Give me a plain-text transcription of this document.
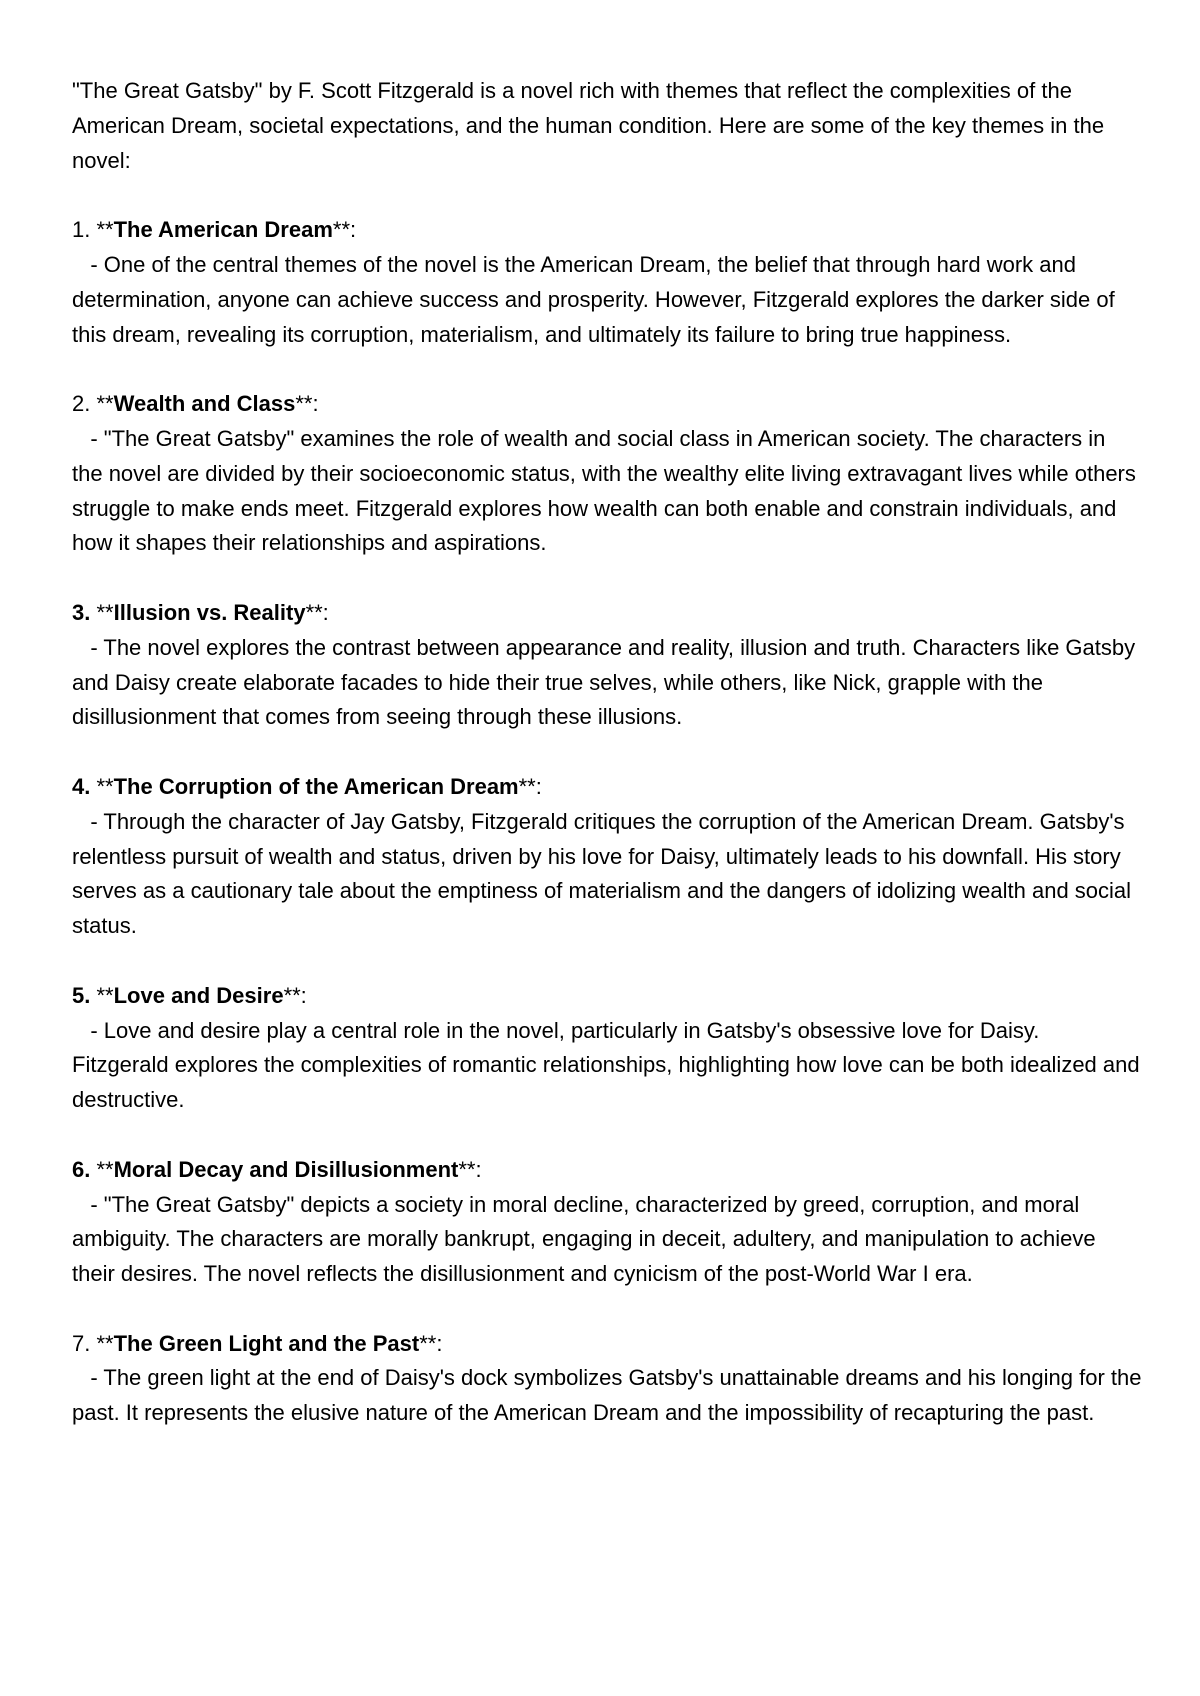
"The Great Gatsby" by F. Scott Fitzgerald is a novel rich with themes that reflect the complexities of the American Dream, societal expectations, and the human condition. Here are some of the key themes in the novel:

1. **The American Dream**:

- One of the central themes of the novel is the American Dream, the belief that through hard work and determination, anyone can achieve success and prosperity. However, Fitzgerald explores the darker side of this dream, revealing its corruption, materialism, and ultimately its failure to bring true happiness.

2. **Wealth and Class**:

- "The Great Gatsby" examines the role of wealth and social class in American society. The characters in the novel are divided by their socioeconomic status, with the wealthy elite living extravagant lives while others struggle to make ends meet. Fitzgerald explores how wealth can both enable and constrain individuals, and how it shapes their relationships and aspirations.

3. **Illusion vs. Reality**:

- The novel explores the contrast between appearance and reality, illusion and truth. Characters like Gatsby and Daisy create elaborate facades to hide their true selves, while others, like Nick, grapple with the disillusionment that comes from seeing through these illusions.

4. **The Corruption of the American Dream**:

- Through the character of Jay Gatsby, Fitzgerald critiques the corruption of the American Dream. Gatsby's relentless pursuit of wealth and status, driven by his love for Daisy, ultimately leads to his downfall. His story serves as a cautionary tale about the emptiness of materialism and the dangers of idolizing wealth and social status.

5. **Love and Desire**:

- Love and desire play a central role in the novel, particularly in Gatsby's obsessive love for Daisy. Fitzgerald explores the complexities of romantic relationships, highlighting how love can be both idealized and destructive.

6. **Moral Decay and Disillusionment**:

- "The Great Gatsby" depicts a society in moral decline, characterized by greed, corruption, and moral ambiguity. The characters are morally bankrupt, engaging in deceit, adultery, and manipulation to achieve their desires. The novel reflects the disillusionment and cynicism of the post-World War I era.

7. **The Green Light and the Past**:

- The green light at the end of Daisy's dock symbolizes Gatsby's unattainable dreams and his longing for the past. It represents the elusive nature of the American Dream and the impossibility of recapturing the past.
